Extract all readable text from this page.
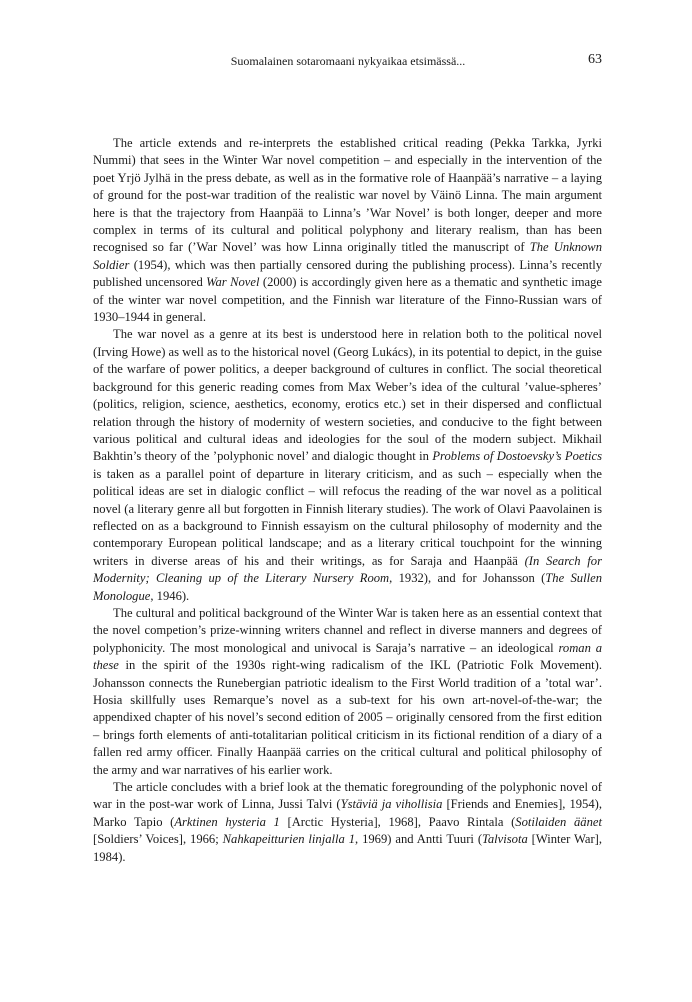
Suomalainen sotaromaani nykyaikaa etsimässä...	63

The article extends and re-interprets the established critical reading (Pekka Tarkka, Jyrki Nummi) that sees in the Winter War novel competition – and especially in the intervention of the poet Yrjö Jylhä in the press debate, as well as in the formative role of Haanpää’s narrative – a laying of ground for the post-war tradition of the realistic war novel by Väinö Linna. The main argument here is that the trajectory from Haanpää to Linna’s ’War Novel’ is both longer, deeper and more complex in terms of its cultural and political polyphony and literary realism, than has been recognised so far (’War Novel’ was how Linna originally titled the manuscript of The Unknown Soldier (1954), which was then partially censored during the publishing process). Linna’s recently published uncensored War Novel (2000) is accordingly given here as a thematic and synthetic image of the winter war novel competition, and the Finnish war literature of the Finno-Russian wars of 1930–1944 in general.

The war novel as a genre at its best is understood here in relation both to the political novel (Irving Howe) as well as to the historical novel (Georg Lukács), in its potential to depict, in the guise of the warfare of power politics, a deeper background of cultures in conflict. The social theoretical background for this generic reading comes from Max Weber’s idea of the cultural ’value-spheres’ (politics, religion, science, aesthetics, economy, erotics etc.) set in their dispersed and conflictual relation through the history of modernity of western societies, and conducive to the fight between various political and cultural ideas and ideologies for the soul of the modern subject. Mikhail Bakhtin’s theory of the ’polyphonic novel’ and dialogic thought in Problems of Dostoevsky’s Poetics is taken as a parallel point of departure in literary criticism, and as such – especially when the political ideas are set in dialogic conflict – will refocus the reading of the war novel as a political novel (a literary genre all but forgotten in Finnish literary studies). The work of Olavi Paavolainen is reflected on as a background to Finnish essayism on the cultural philosophy of modernity and the contemporary European political landscape; and as a literary critical touchpoint for the winning writers in diverse areas of his and their writings, as for Saraja and Haanpää (In Search for Modernity; Cleaning up of the Literary Nursery Room, 1932), and for Johansson (The Sullen Monologue, 1946).

The cultural and political background of the Winter War is taken here as an essential context that the novel competion’s prize-winning writers channel and reflect in diverse manners and degrees of polyphonicity. The most monological and univocal is Saraja’s narrative – an ideological roman a these in the spirit of the 1930s right-wing radicalism of the IKL (Patriotic Folk Movement). Johansson connects the Runebergian patriotic idealism to the First World tradition of a ’total war’. Hosia skillfully uses Remarque’s novel as a sub-text for his own art-novel-of-the-war; the appendixed chapter of his novel’s second edition of 2005 – originally censored from the first edition – brings forth elements of anti-totalitarian political criticism in its fictional rendition of a diary of a fallen red army officer. Finally Haanpää carries on the critical cultural and political philosophy of the army and war narratives of his earlier work.

The article concludes with a brief look at the thematic foregrounding of the polyphonic novel of war in the post-war work of Linna, Jussi Talvi (Ystäviä ja vihollisia [Friends and Enemies], 1954), Marko Tapio (Arktinen hysteria 1 [Arctic Hysteria], 1968], Paavo Rintala (Sotilaiden äänet [Soldiers’ Voices], 1966; Nahkapeitturien linjalla 1, 1969) and Antti Tuuri (Talvisota [Winter War], 1984).
